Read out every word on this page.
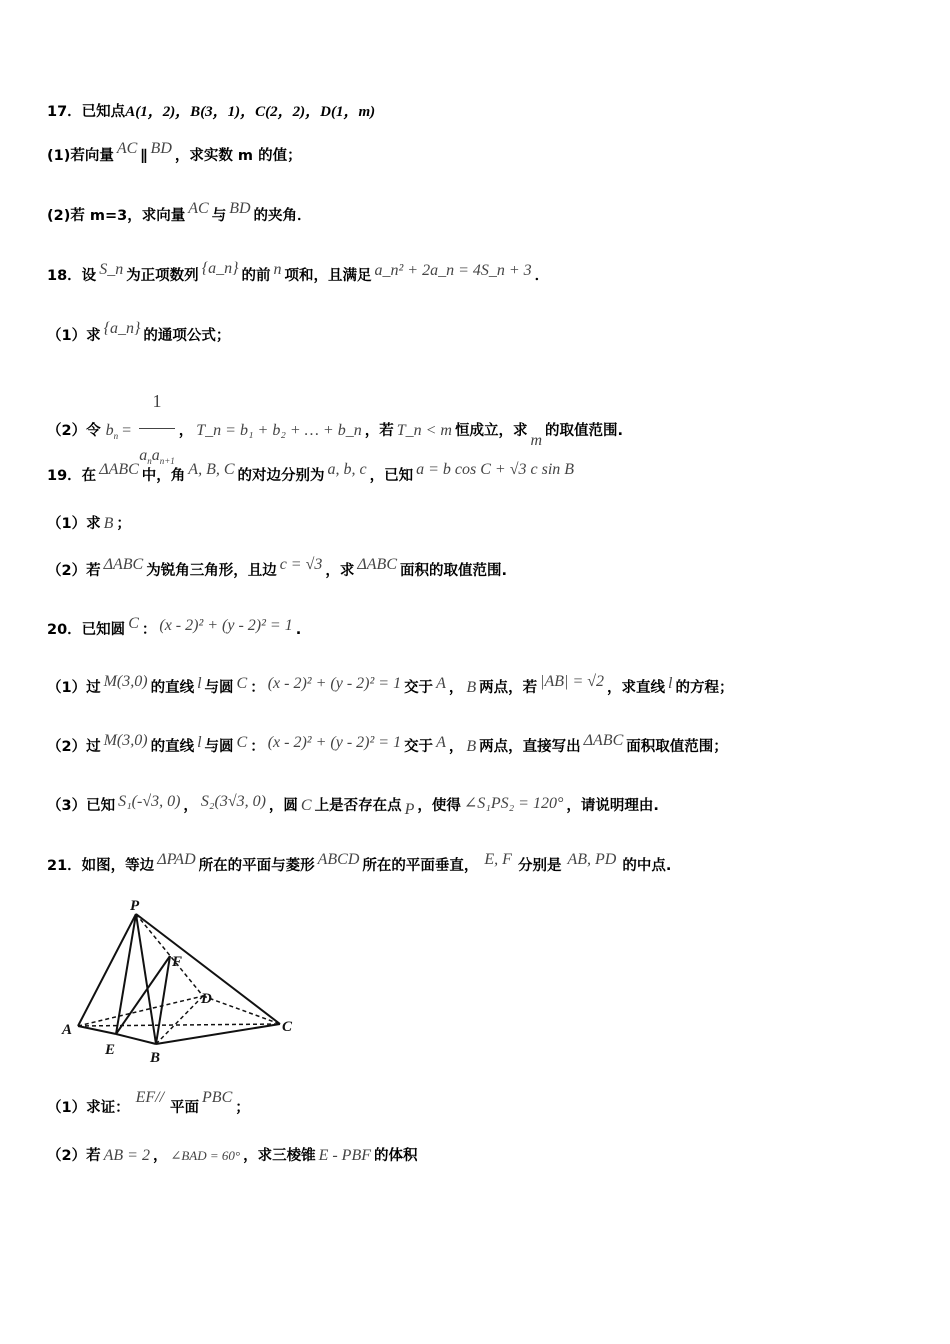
17．已知点A(1，2)，B(3，1)，C(2，2)，D(1，m)
(1)若向量 AC ∥ BD ，求实数 m 的值；
(2)若 m=3，求向量 AC 与 BD 的夹角．
18．设 S_n 为正项数列 {a_n} 的前 n 项和，且满足 a_n² + 2a_n = 4S_n + 3 ．
（1）求 {a_n} 的通项公式；
（2）令 $b_n = \frac{1}{a_na_{n+1}}$ ， T_n = b₁ + b₂ + … + b_n ，若 T_n < m 恒成立，求m的取值范围.
19．在 ΔABC 中，角 A, B, C 的对边分别为 a, b, c ，已知 a = b cos C + √3 c sin B
（1）求 B ；
（2）若 ΔABC 为锐角三角形，且边 c = √3 ，求 ΔABC 面积的取值范围.
20．已知圆 C ： (x - 2)² + (y - 2)² = 1 .
（1）过 M(3,0) 的直线 l 与圆 C ： (x - 2)² + (y - 2)² = 1 交于 A ， B 两点，若 |AB| = √2 ，求直线 l 的方程；
（2）过 M(3,0) 的直线 l 与圆 C ： (x - 2)² + (y - 2)² = 1 交于 A ， B 两点，直接写出 ΔABC 面积取值范围；
（3）已知 S₁(-√3, 0) ， S₂(3√3, 0) ，圆 C 上是否存在点 P ，使得 ∠S₁PS₂ = 120° ，请说明理由.
21．如图，等边 ΔPAD 所在的平面与菱形 ABCD 所在的平面垂直， E, F 分别是 AB, PD 的中点.
P
F
D
A	C
E B
（1）求证：EF//平面PBC；
（2）若 AB = 2 ， ∠BAD = 60° ，求三棱锥 E - PBF 的体积
